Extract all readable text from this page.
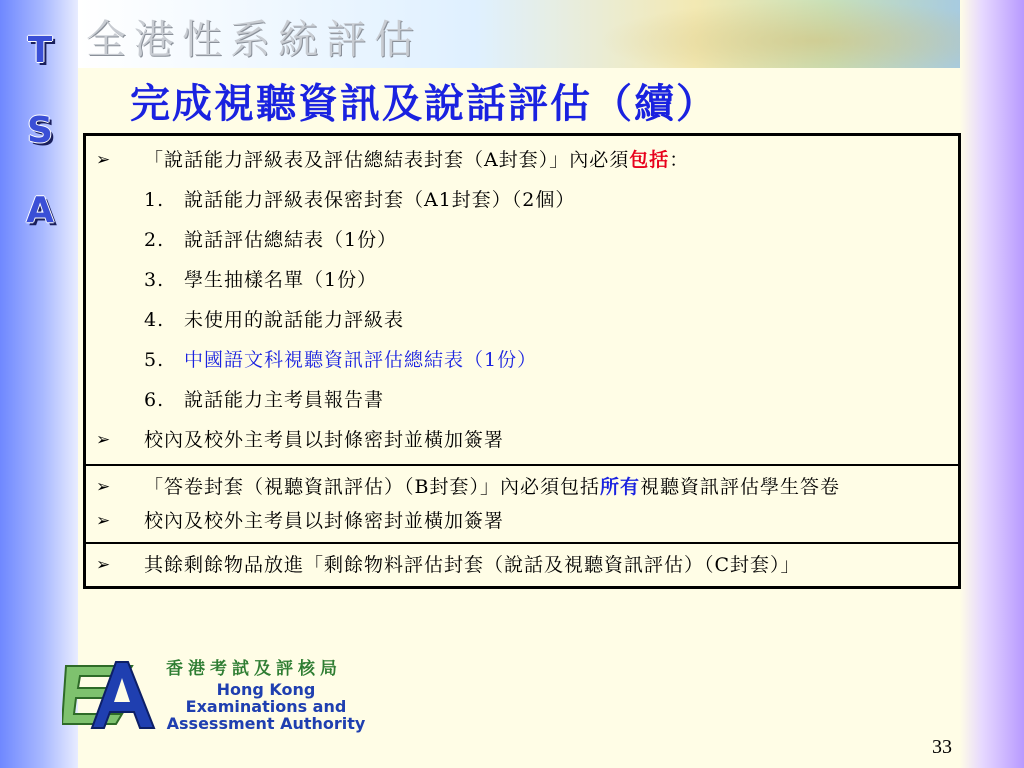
T
S
A
全港性系統評估
完成視聽資訊及說話評估（續）
➢	「說話能力評級表及評估總結表封套（A封套）」內必須包括：
1.	說話能力評級表保密封套（A1封套）（2個）
2.	說話評估總結表（1份）
3.	學生抽樣名單（1份）
4.	未使用的說話能力評級表
5.	中國語文科視聽資訊評估總結表（1份）
6.	說話能力主考員報告書
➢	校內及校外主考員以封條密封並橫加簽署
➢	「答卷封套（視聽資訊評估）（B封套）」內必須包括所有視聽資訊評估學生答卷
➢	校內及校外主考員以封條密封並橫加簽署
➢	其餘剩餘物品放進「剩餘物料評估封套（說話及視聽資訊評估）（C封套）」
香港考試及評核局
Hong Kong
Examinations and
Assessment Authority
33
